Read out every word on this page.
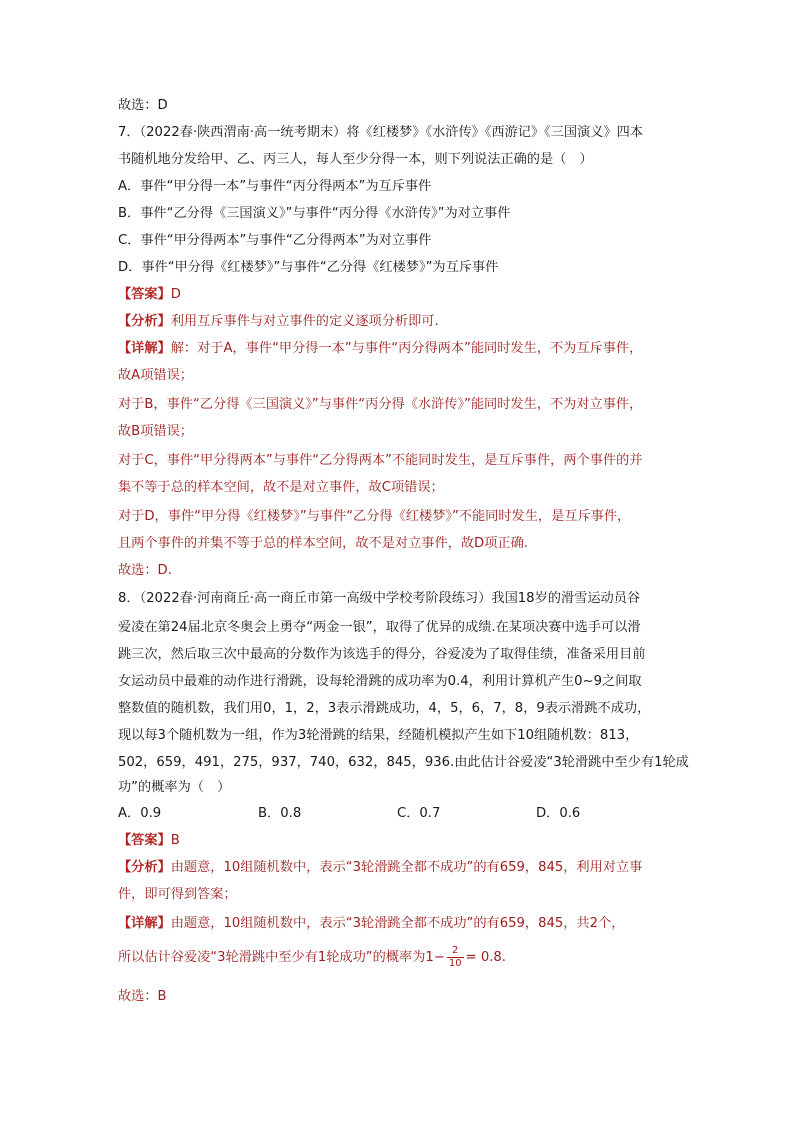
故选：D
7．（2022春·陕西渭南·高一统考期末）将《红楼梦》《水浒传》《西游记》《三国演义》四本
书随机地分发给甲、乙、丙三人，每人至少分得一本，则下列说法正确的是（　）
A．事件“甲分得一本”与事件“丙分得两本”为互斥事件
B．事件“乙分得《三国演义》”与事件“丙分得《水浒传》”为对立事件
C．事件“甲分得两本”与事件“乙分得两本”为对立事件
D．事件“甲分得《红楼梦》”与事件“乙分得《红楼梦》”为互斥事件
【答案】D
【分析】利用互斥事件与对立事件的定义逐项分析即可.
【详解】解：对于A，事件“甲分得一本”与事件“丙分得两本”能同时发生，不为互斥事件，
故A项错误；
对于B，事件“乙分得《三国演义》”与事件“丙分得《水浒传》”能同时发生，不为对立事件，
故B项错误；
对于C，事件“甲分得两本”与事件“乙分得两本”不能同时发生，是互斥事件，两个事件的并
集不等于总的样本空间，故不是对立事件，故C项错误；
对于D，事件“甲分得《红楼梦》”与事件“乙分得《红楼梦》”不能同时发生，是互斥事件，
且两个事件的并集不等于总的样本空间，故不是对立事件，故D项正确.
故选：D.
8．（2022春·河南商丘·高一商丘市第一高级中学校考阶段练习）我国18岁的滑雪运动员谷
爱凌在第24届北京冬奥会上勇夺“两金一银”，取得了优异的成绩.在某项决赛中选手可以滑
跳三次，然后取三次中最高的分数作为该选手的得分，谷爱凌为了取得佳绩，准备采用目前
女运动员中最难的动作进行滑跳，设每轮滑跳的成功率为0.4，利用计算机产生0~9之间取
整数值的随机数，我们用0，1，2，3表示滑跳成功，4，5，6，7，8，9表示滑跳不成功，
现以每3个随机数为一组，作为3轮滑跳的结果，经随机模拟产生如下10组随机数：813，
502，659，491，275，937，740，632，845，936.由此估计谷爱凌“3轮滑跳中至少有1轮成
功”的概率为（　）
A．0.9	B．0.8	C．0.7	D．0.6
【答案】B
【分析】由题意，10组随机数中，表示“3轮滑跳全都不成功”的有659，845，利用对立事
件，即可得到答案；
【详解】由题意，10组随机数中，表示“3轮滑跳全都不成功”的有659，845，共2个，
所以估计谷爱凌“3轮滑跳中至少有1轮成功”的概率为$1- \frac{2}{10} = 0.8$.
故选：B
